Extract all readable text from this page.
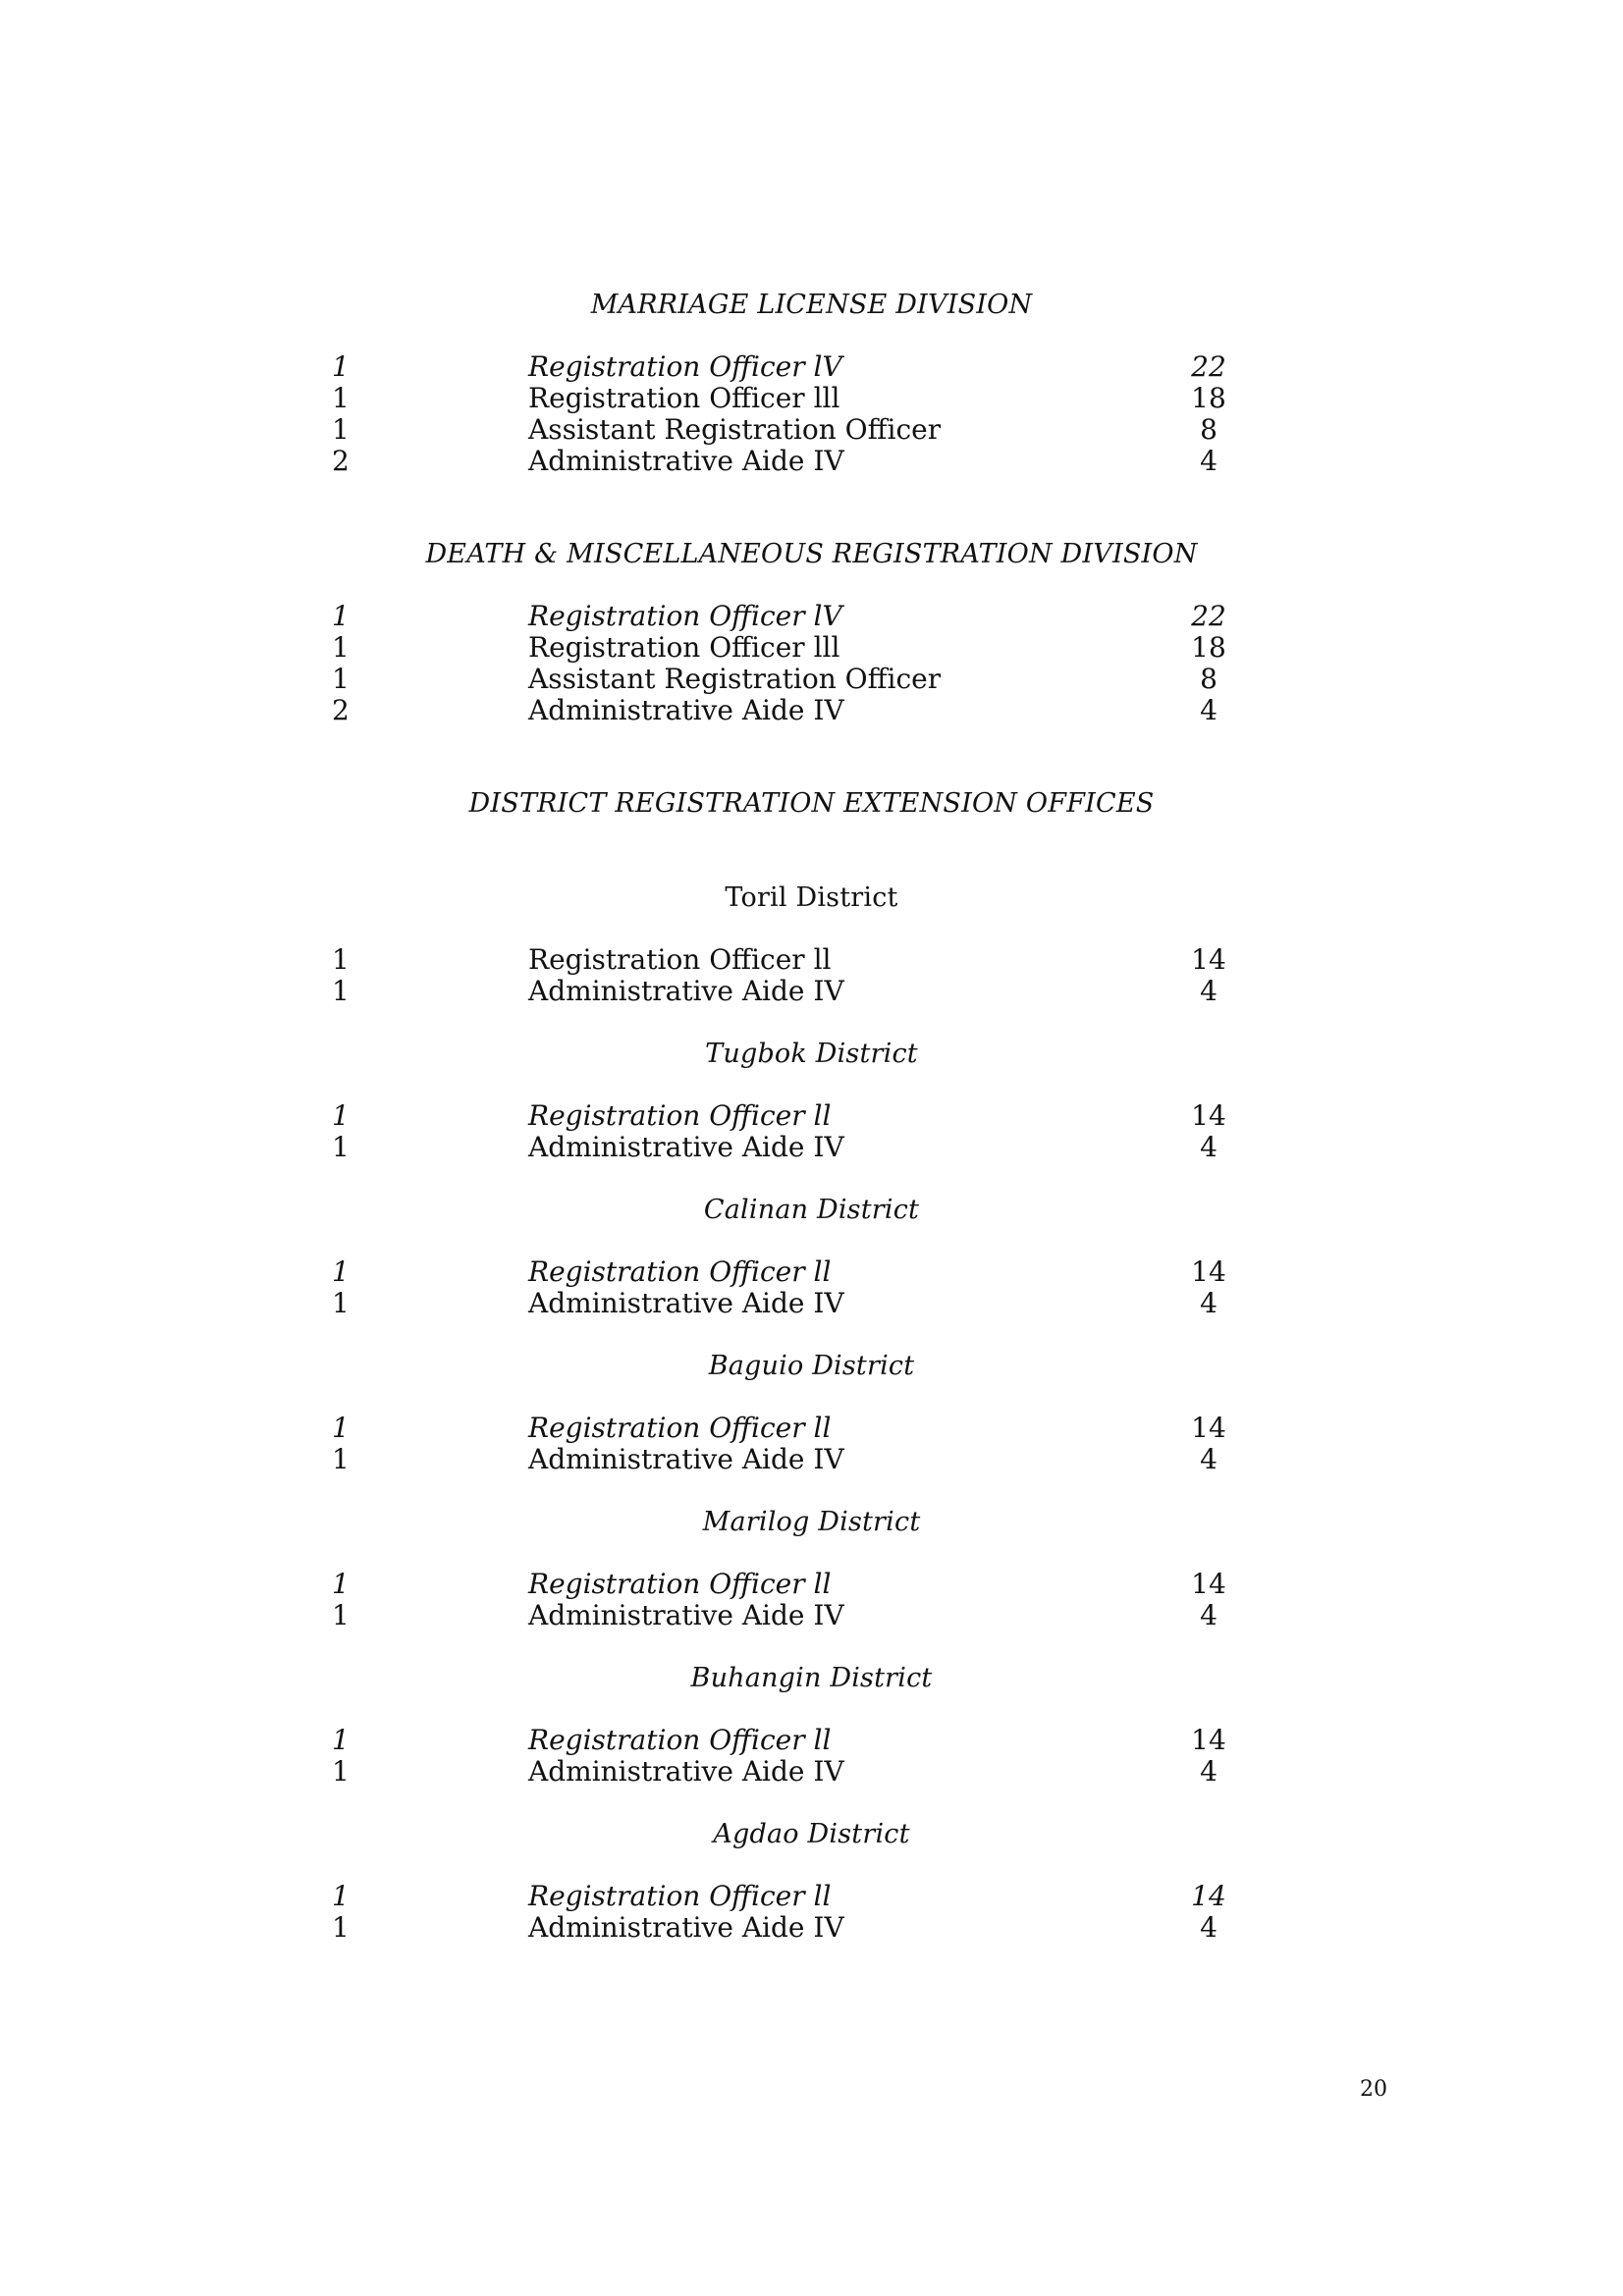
MARRIAGE LICENSE DIVISION
1	Registration Officer lV	22
1	Registration Officer lll	18
1	Assistant Registration Officer	8
2	Administrative Aide IV	4
DEATH & MISCELLANEOUS REGISTRATION DIVISION
1	Registration Officer lV	22
1	Registration Officer lll	18
1	Assistant Registration Officer	8
2	Administrative Aide IV	4
DISTRICT REGISTRATION EXTENSION OFFICES
Toril District
1	Registration Officer ll	14
1	Administrative Aide IV	4
Tugbok District
1	Registration Officer ll	14
1	Administrative Aide IV	4
Calinan District
1	Registration Officer ll	14
1	Administrative Aide IV	4
Baguio District
1	Registration Officer ll	14
1	Administrative Aide IV	4
Marilog District
1	Registration Officer ll	14
1	Administrative Aide IV	4
Buhangin District
1	Registration Officer ll	14
1	Administrative Aide IV	4
Agdao District
1	Registration Officer ll	14
1	Administrative Aide IV	4
20
